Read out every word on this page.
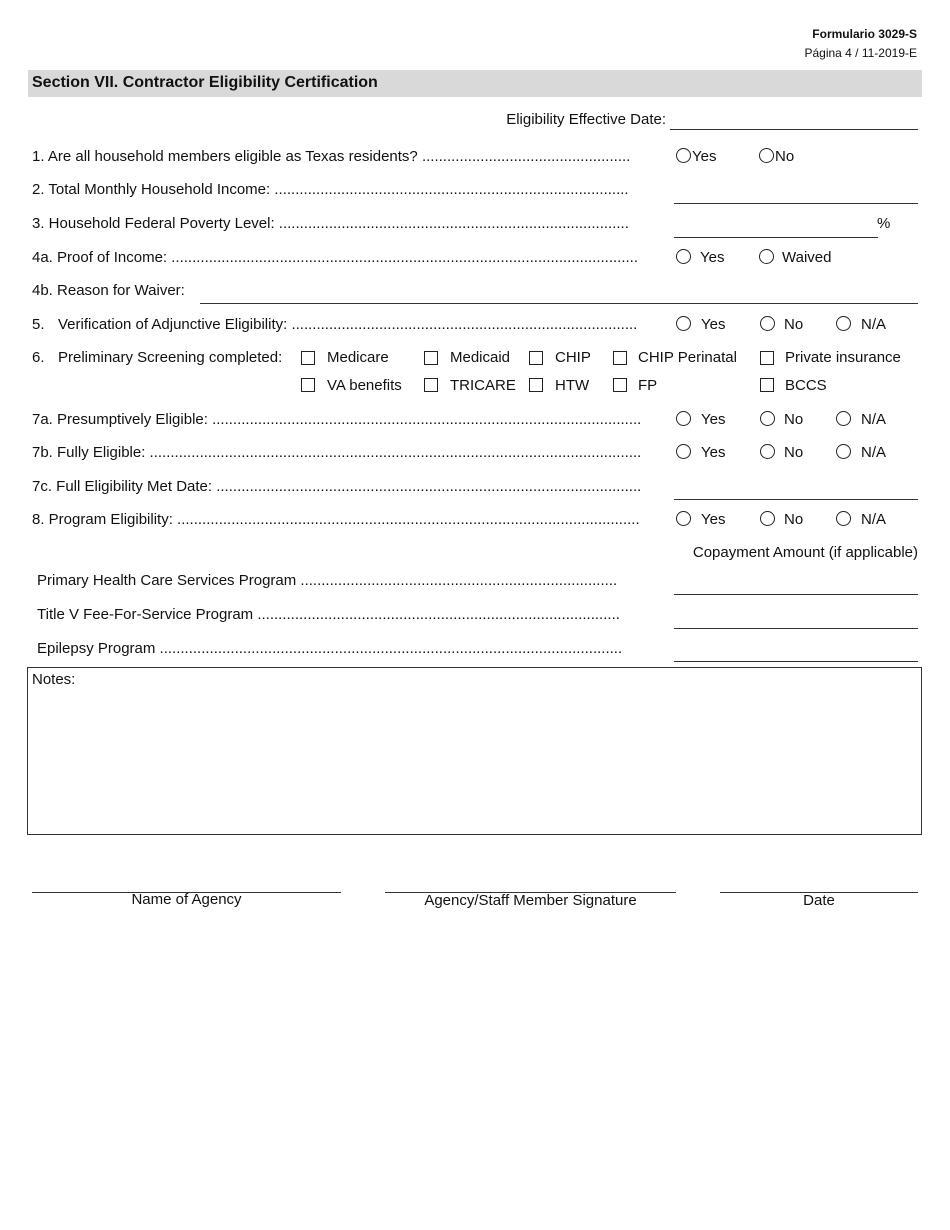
Formulario 3029-S
Página 4 / 11-2019-E
Section VII. Contractor Eligibility Certification
Eligibility Effective Date:
1. Are all household members eligible as Texas residents? ..................................................	Yes	No
2. Total Monthly Household Income: .....................................................................................
3. Household Federal Poverty Level: ....................................................................................	%
4a. Proof of Income: ................................................................................................................	Yes	Waived
4b. Reason for Waiver:
5. Verification of Adjunctive Eligibility: ...................................................................................	Yes	No	N/A
6. Preliminary Screening completed:	Medicare	Medicaid	CHIP	CHIP Perinatal	Private insurance
VA benefits	TRICARE	HTW	FP	BCCS
7a. Presumptively Eligible: .......................................................................................................	Yes	No	N/A
7b. Fully Eligible: ......................................................................................................................	Yes	No	N/A
7c. Full Eligibility Met Date: ......................................................................................................
8. Program Eligibility: ...............................................................................................................	Yes	No	N/A
Copayment Amount (if applicable)
Primary Health Care Services Program ............................................................................
Title V Fee-For-Service Program .......................................................................................
Epilepsy Program ...............................................................................................................
Notes:
Name of Agency	Agency/Staff Member Signature	Date
